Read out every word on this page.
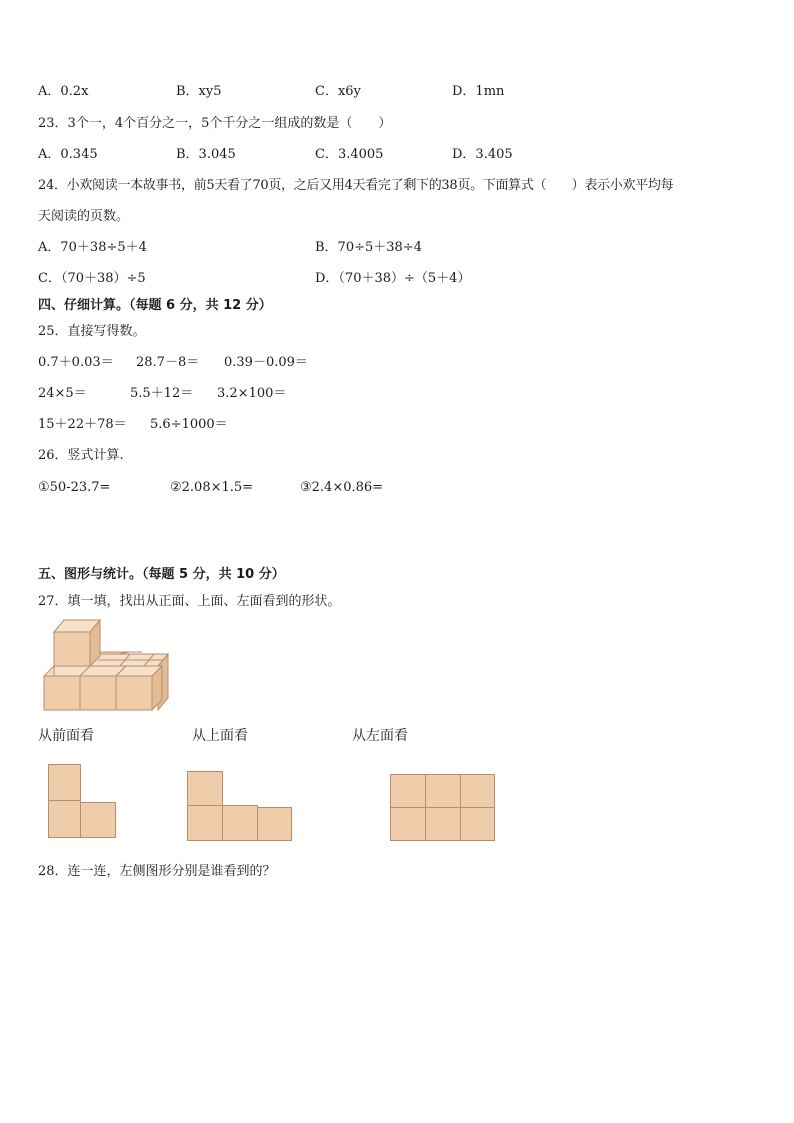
A．0.2x	B．xy5	C．x6y	D．1mn
23．3个一，4个百分之一，5个千分之一组成的数是（　　）
A．0.345	B．3.045	C．3.4005	D．3.405
24．小欢阅读一本故事书，前5天看了70页，之后又用4天看完了剩下的38页。下面算式（　　）表示小欢平均每
天阅读的页数。
A．70＋38÷5＋4	B．70÷5＋38÷4
C．（70＋38）÷5	D．（70＋38）÷（5＋4）
四、仔细计算。（每题 6 分，共 12 分）
25．直接写得数。
0.7＋0.03＝ 28.7－8＝ 0.39－0.09＝
24×5＝	5.5＋12＝ 3.2×100＝
15＋22＋78＝ 5.6÷1000＝
26．竖式计算.
①50-23.7=	②2.08×1.5=	③2.4×0.86=
五、图形与统计。（每题 5 分，共 10 分）
27．填一填，找出从正面、上面、左面看到的形状。
从前面看	从上面看	从左面看
28．连一连，左侧图形分别是谁看到的？
